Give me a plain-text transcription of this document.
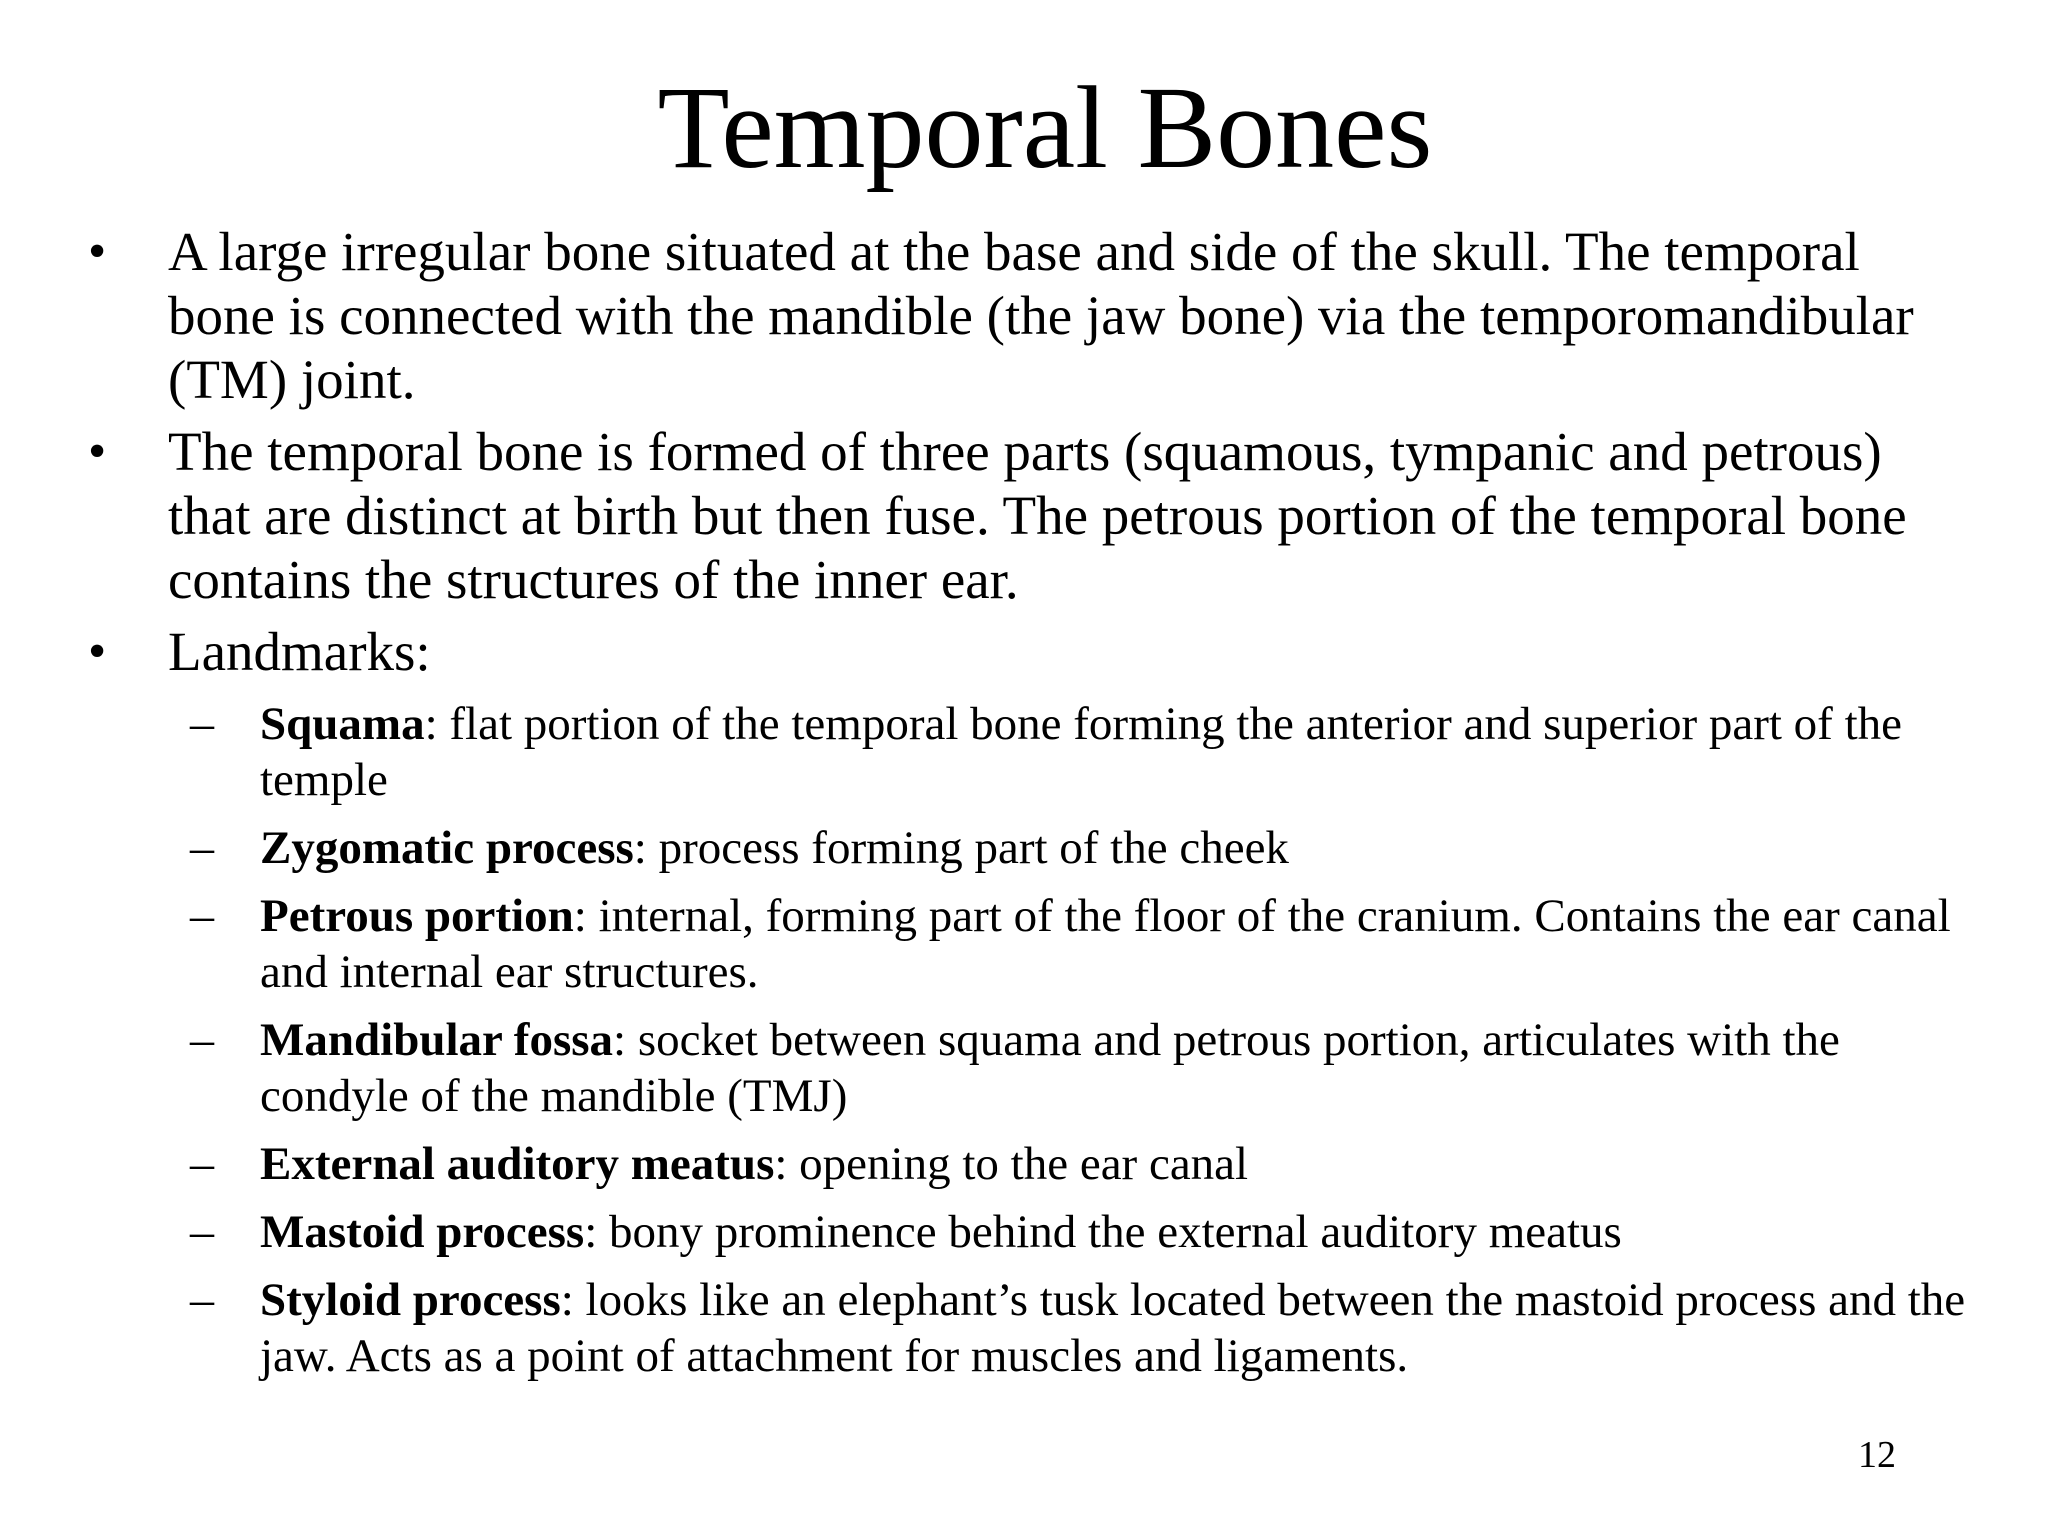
Temporal Bones
•	A large irregular bone situated at the base and side of the skull. The temporal bone is connected with the mandible (the jaw bone) via the temporomandibular (TM) joint.
•	The temporal bone is formed of three parts (squamous, tympanic and petrous) that are distinct at birth but then fuse. The petrous portion of the temporal bone contains the structures of the inner ear.
•	Landmarks:
– Squama: flat portion of the temporal bone forming the anterior and superior part of the temple
– Zygomatic process: process forming part of the cheek
– Petrous portion: internal, forming part of the floor of the cranium. Contains the ear canal and internal ear structures.
– Mandibular fossa: socket between squama and petrous portion, articulates with the condyle of the mandible (TMJ)
– External auditory meatus: opening to the ear canal
– Mastoid process: bony prominence behind the external auditory meatus
– Styloid process: looks like an elephant’s tusk located between the mastoid process and the jaw. Acts as a point of attachment for muscles and ligaments.
12
